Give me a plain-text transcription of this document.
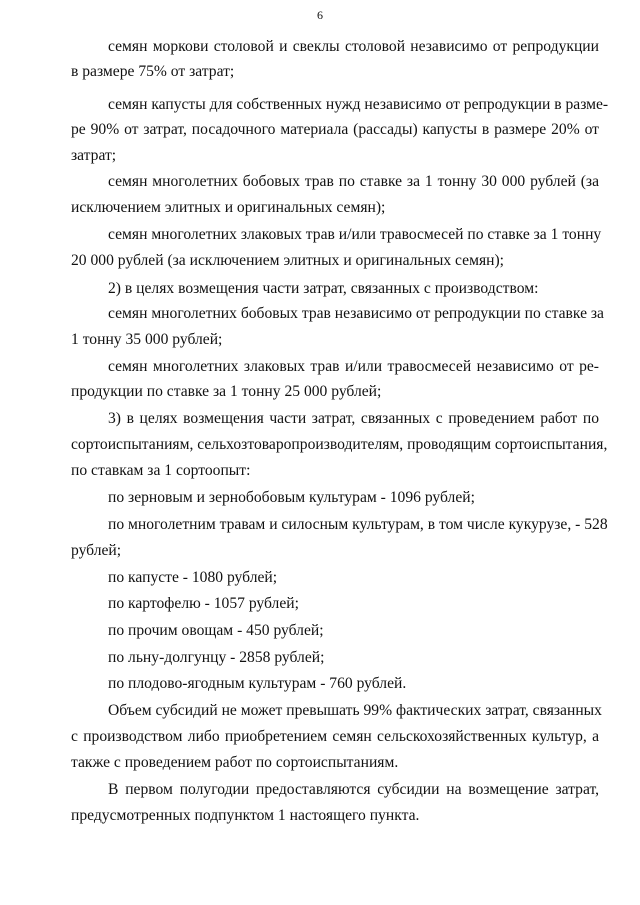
6
семян моркови столовой и свеклы столовой независимо от репродукции
в размере 75% от затрат;
семян капусты для собственных нужд независимо от репродукции в разме-
ре 90% от затрат, посадочного материала (рассады) капусты в размере 20% от
затрат;
семян многолетних бобовых трав по ставке за 1 тонну 30 000 рублей (за
исключением элитных и оригинальных семян);
семян многолетних злаковых трав и/или травосмесей по ставке за 1 тонну
20 000 рублей (за исключением элитных и оригинальных семян);
2) в целях возмещения части затрат, связанных с производством:
семян многолетних бобовых трав независимо от репродукции по ставке за
1 тонну 35 000 рублей;
семян многолетних злаковых трав и/или травосмесей независимо от ре-
продукции по ставке за 1 тонну 25 000 рублей;
3) в целях возмещения части затрат, связанных с проведением работ по
сортоиспытаниям, сельхозтоваропроизводителям, проводящим сортоиспытания,
по ставкам за 1 сортоопыт:
по зерновым и зернобобовым культурам - 1096 рублей;
по многолетним травам и силосным культурам, в том числе кукурузе, - 528
рублей;
по капусте - 1080 рублей;
по картофелю - 1057 рублей;
по прочим овощам - 450 рублей;
по льну-долгунцу - 2858 рублей;
по плодово-ягодным культурам - 760 рублей.
Объем субсидий не может превышать 99% фактических затрат, связанных
с производством либо приобретением семян сельскохозяйственных культур, а
также с проведением работ по сортоиспытаниям.
В первом полугодии предоставляются субсидии на возмещение затрат,
предусмотренных подпунктом 1 настоящего пункта.
